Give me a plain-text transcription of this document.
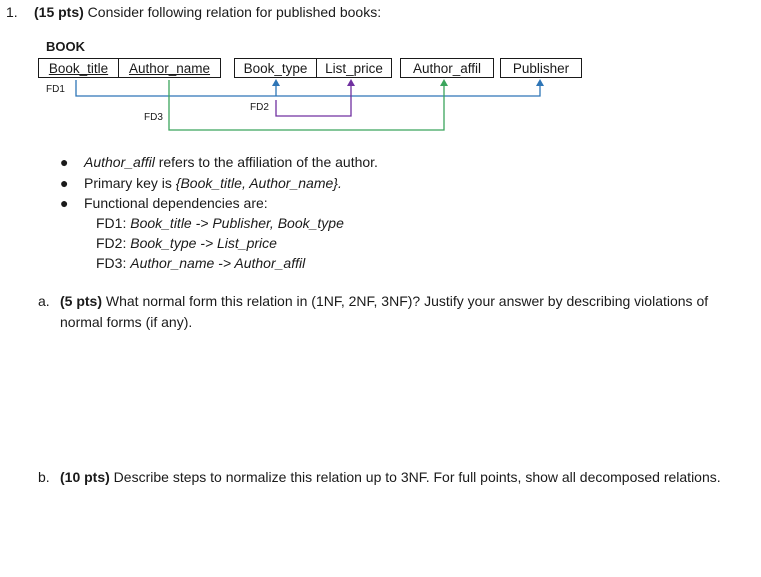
1. (15 pts) Consider following relation for published books:
BOOK
Book_title	Author_name	Book_type	List_price	Author_affil	Publisher
FD1
FD2
FD3
● Author_affil refers to the affiliation of the author.
● Primary key is {Book_title, Author_name}.
● Functional dependencies are:
FD1: Book_title -> Publisher, Book_type
FD2: Book_type -> List_price
FD3: Author_name -> Author_affil
a. (5 pts) What normal form this relation in (1NF, 2NF, 3NF)? Justify your answer by describing violations of normal forms (if any).
b. (10 pts) Describe steps to normalize this relation up to 3NF. For full points, show all decomposed relations.
